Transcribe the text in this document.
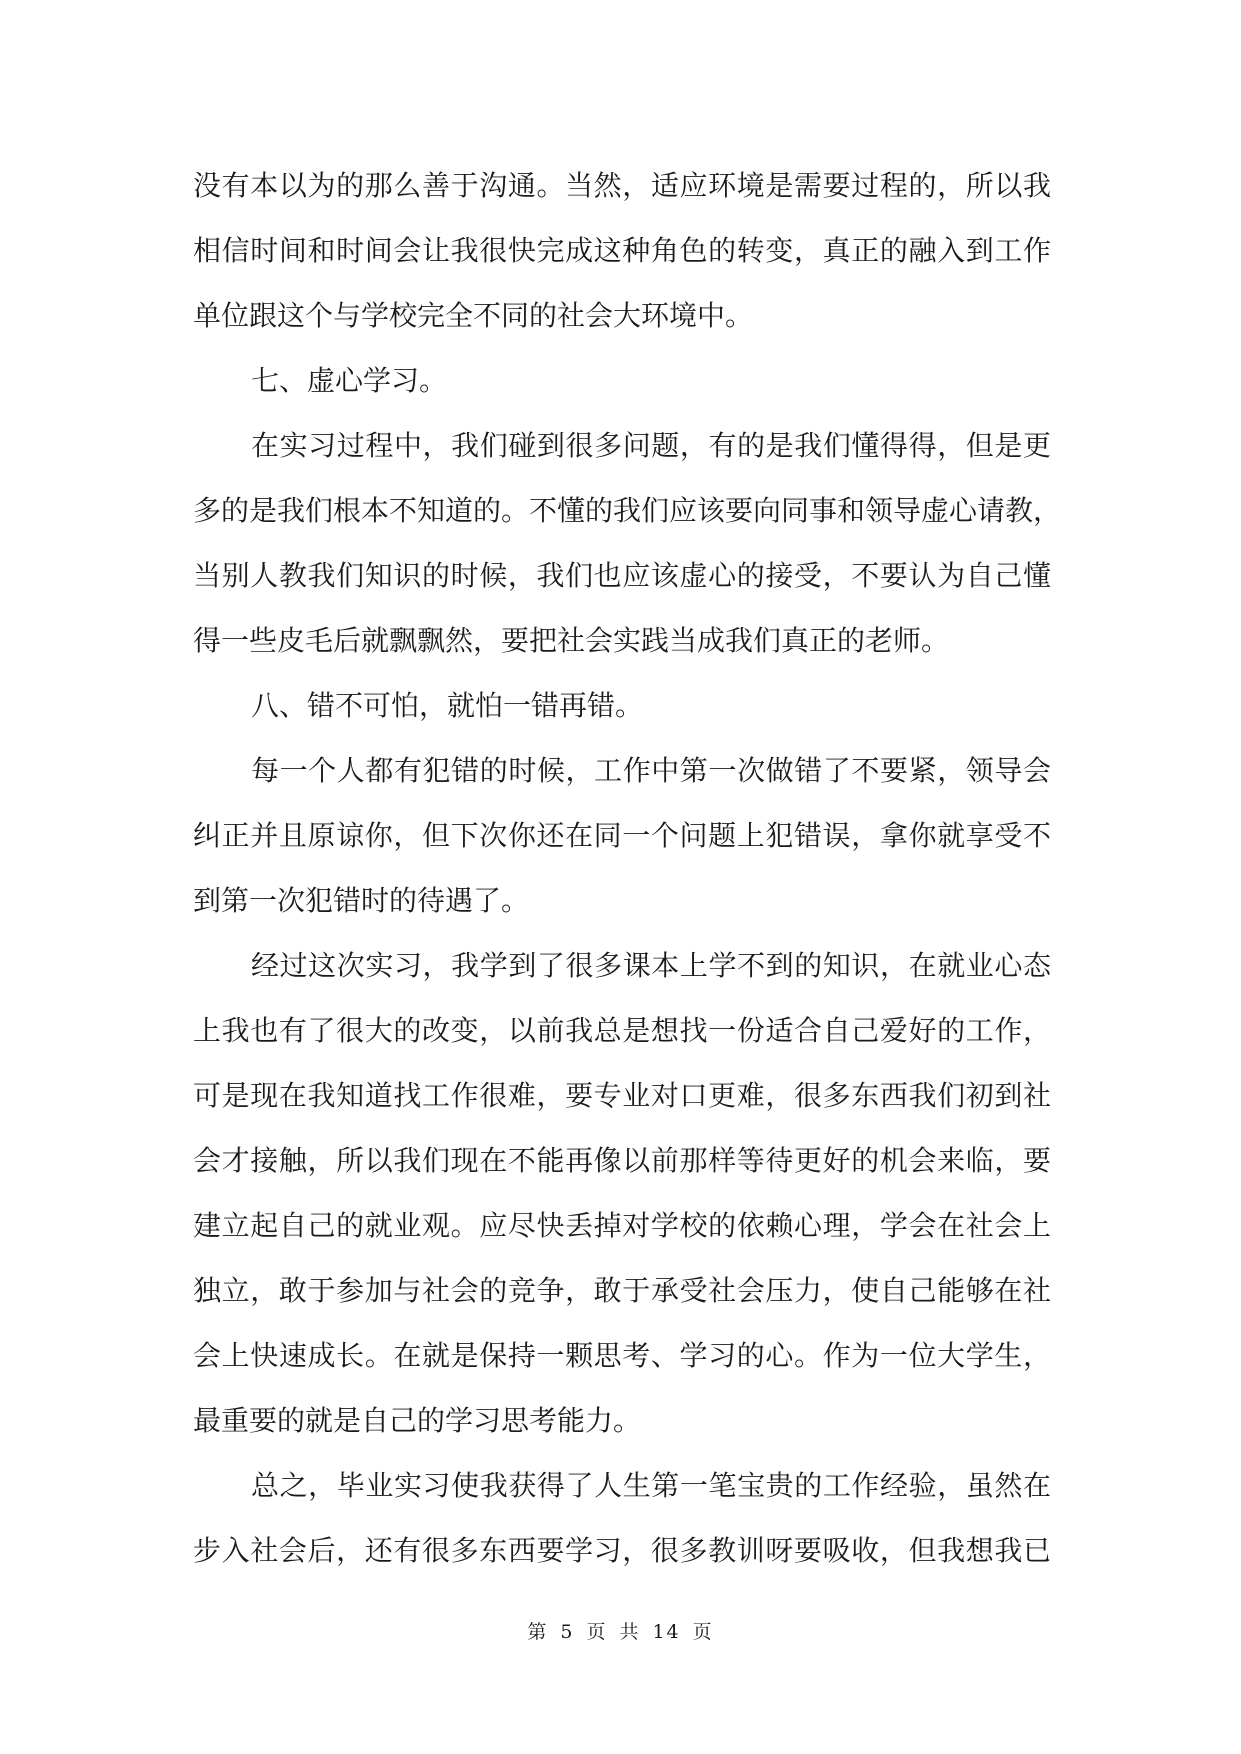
没有本以为的那么善于沟通。当然，适应环境是需要过程的，所以我
相信时间和时间会让我很快完成这种角色的转变，真正的融入到工作
单位跟这个与学校完全不同的社会大环境中。
七、虚心学习。
在实习过程中，我们碰到很多问题，有的是我们懂得得，但是更
多的是我们根本不知道的。不懂的我们应该要向同事和领导虚心请教，
当别人教我们知识的时候，我们也应该虚心的接受，不要认为自己懂
得一些皮毛后就飘飘然，要把社会实践当成我们真正的老师。
八、错不可怕，就怕一错再错。
每一个人都有犯错的时候，工作中第一次做错了不要紧，领导会
纠正并且原谅你，但下次你还在同一个问题上犯错误，拿你就享受不
到第一次犯错时的待遇了。
经过这次实习，我学到了很多课本上学不到的知识，在就业心态
上我也有了很大的改变，以前我总是想找一份适合自己爱好的工作，
可是现在我知道找工作很难，要专业对口更难，很多东西我们初到社
会才接触，所以我们现在不能再像以前那样等待更好的机会来临，要
建立起自己的就业观。应尽快丢掉对学校的依赖心理，学会在社会上
独立，敢于参加与社会的竞争，敢于承受社会压力，使自己能够在社
会上快速成长。在就是保持一颗思考、学习的心。作为一位大学生，
最重要的就是自己的学习思考能力。
总之，毕业实习使我获得了人生第一笔宝贵的工作经验，虽然在
步入社会后，还有很多东西要学习，很多教训呀要吸收，但我想我已
第 5 页 共 14 页
